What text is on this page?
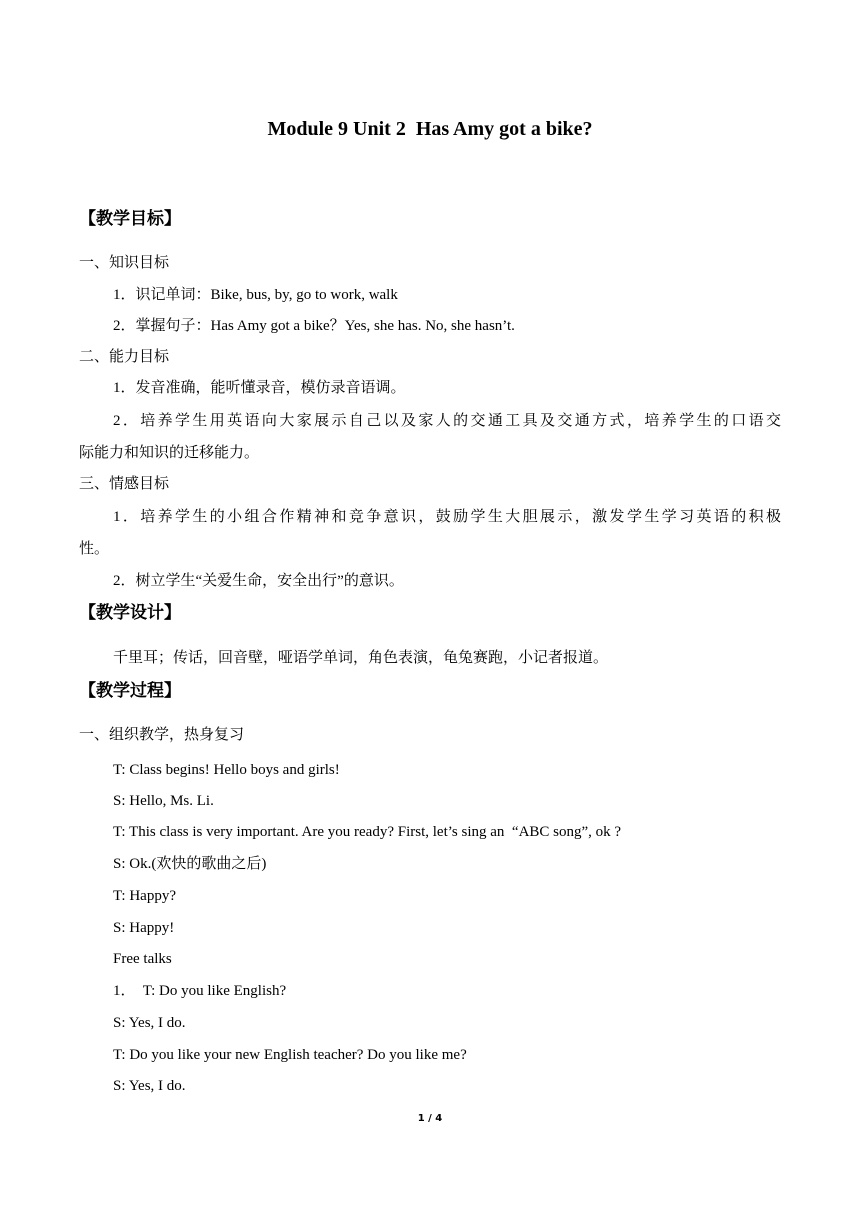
Module 9 Unit 2  Has Amy got a bike?
【教学目标】
一、知识目标
1．识记单词：Bike, bus, by, go to work, walk
2．掌握句子：Has Amy got a bike？Yes, she has. No, she hasn’t.
二、能力目标
1．发音准确，能听懂录音，模仿录音语调。
2．培养学生用英语向大家展示自己以及家人的交通工具及交通方式，培养学生的口语交
际能力和知识的迁移能力。
三、情感目标
1．培养学生的小组合作精神和竞争意识，鼓励学生大胆展示，激发学生学习英语的积极
性。
2．树立学生“关爱生命，安全出行”的意识。
【教学设计】
千里耳；传话，回音壁，哑语学单词，角色表演，龟兔赛跑，小记者报道。
【教学过程】
一、组织教学，热身复习
T: Class begins! Hello boys and girls!
S: Hello, Ms. Li.
T: This class is very important. Are you ready? First, let’s sing an  “ABC song”, ok ?
S: Ok.(欢快的歌曲之后)
T: Happy?
S: Happy!
Free talks
1．  T: Do you like English?
S: Yes, I do.
T: Do you like your new English teacher? Do you like me?
S: Yes, I do.
1 / 4
